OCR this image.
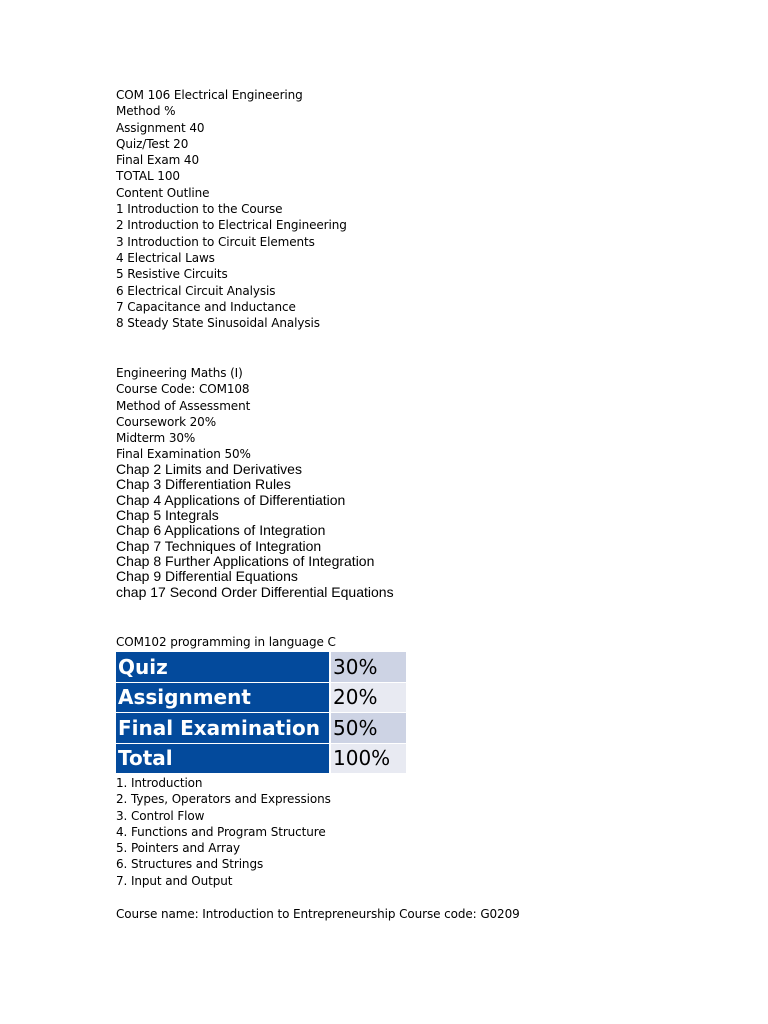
COM 106 Electrical Engineering
Method %
Assignment 40
Quiz/Test 20
Final Exam 40
TOTAL 100
Content Outline
1 Introduction to the Course
2 Introduction to Electrical Engineering
3 Introduction to Circuit Elements
4 Electrical Laws
5 Resistive Circuits
6 Electrical Circuit Analysis
7 Capacitance and Inductance
8 Steady State Sinusoidal Analysis
Engineering Maths (I)
Course Code: COM108
Method of Assessment
Coursework 20%
Midterm 30%
Final Examination 50%
Chap 2 Limits and Derivatives
Chap 3 Differentiation Rules
Chap 4 Applications of Differentiation
Chap 5 Integrals
Chap 6 Applications of Integration
Chap 7 Techniques of Integration
Chap 8 Further Applications of Integration
Chap 9 Differential Equations
chap 17 Second Order Differential Equations
COM102 programming in language C
Quiz	30%
Assignment	20%
Final Examination	50%
Total	100%
1. Introduction
2. Types, Operators and Expressions
3. Control Flow
4. Functions and Program Structure
5. Pointers and Array
6. Structures and Strings
7. Input and Output
Course name: Introduction to Entrepreneurship Course code: G0209
